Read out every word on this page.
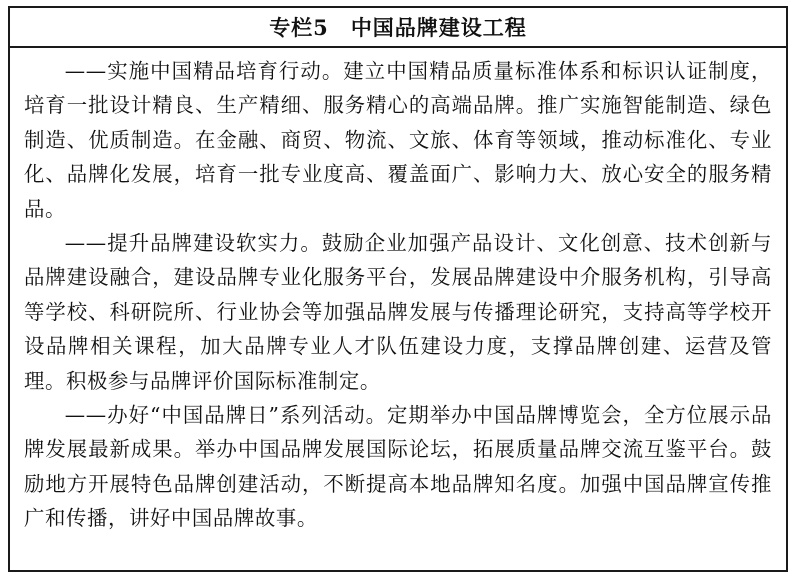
专栏5 中国品牌建设工程

——实施中国精品培育行动。建立中国精品质量标准体系和标识认证制度，培育一批设计精良、生产精细、服务精心的高端品牌。推广实施智能制造、绿色制造、优质制造。在金融、商贸、物流、文旅、体育等领域，推动标准化、专业化、品牌化发展，培育一批专业度高、覆盖面广、影响力大、放心安全的服务精品。

——提升品牌建设软实力。鼓励企业加强产品设计、文化创意、技术创新与品牌建设融合，建设品牌专业化服务平台，发展品牌建设中介服务机构，引导高等学校、科研院所、行业协会等加强品牌发展与传播理论研究，支持高等学校开设品牌相关课程，加大品牌专业人才队伍建设力度，支撑品牌创建、运营及管理。积极参与品牌评价国际标准制定。

——办好“中国品牌日”系列活动。定期举办中国品牌博览会，全方位展示品牌发展最新成果。举办中国品牌发展国际论坛，拓展质量品牌交流互鉴平台。鼓励地方开展特色品牌创建活动，不断提高本地品牌知名度。加强中国品牌宣传推广和传播，讲好中国品牌故事。
